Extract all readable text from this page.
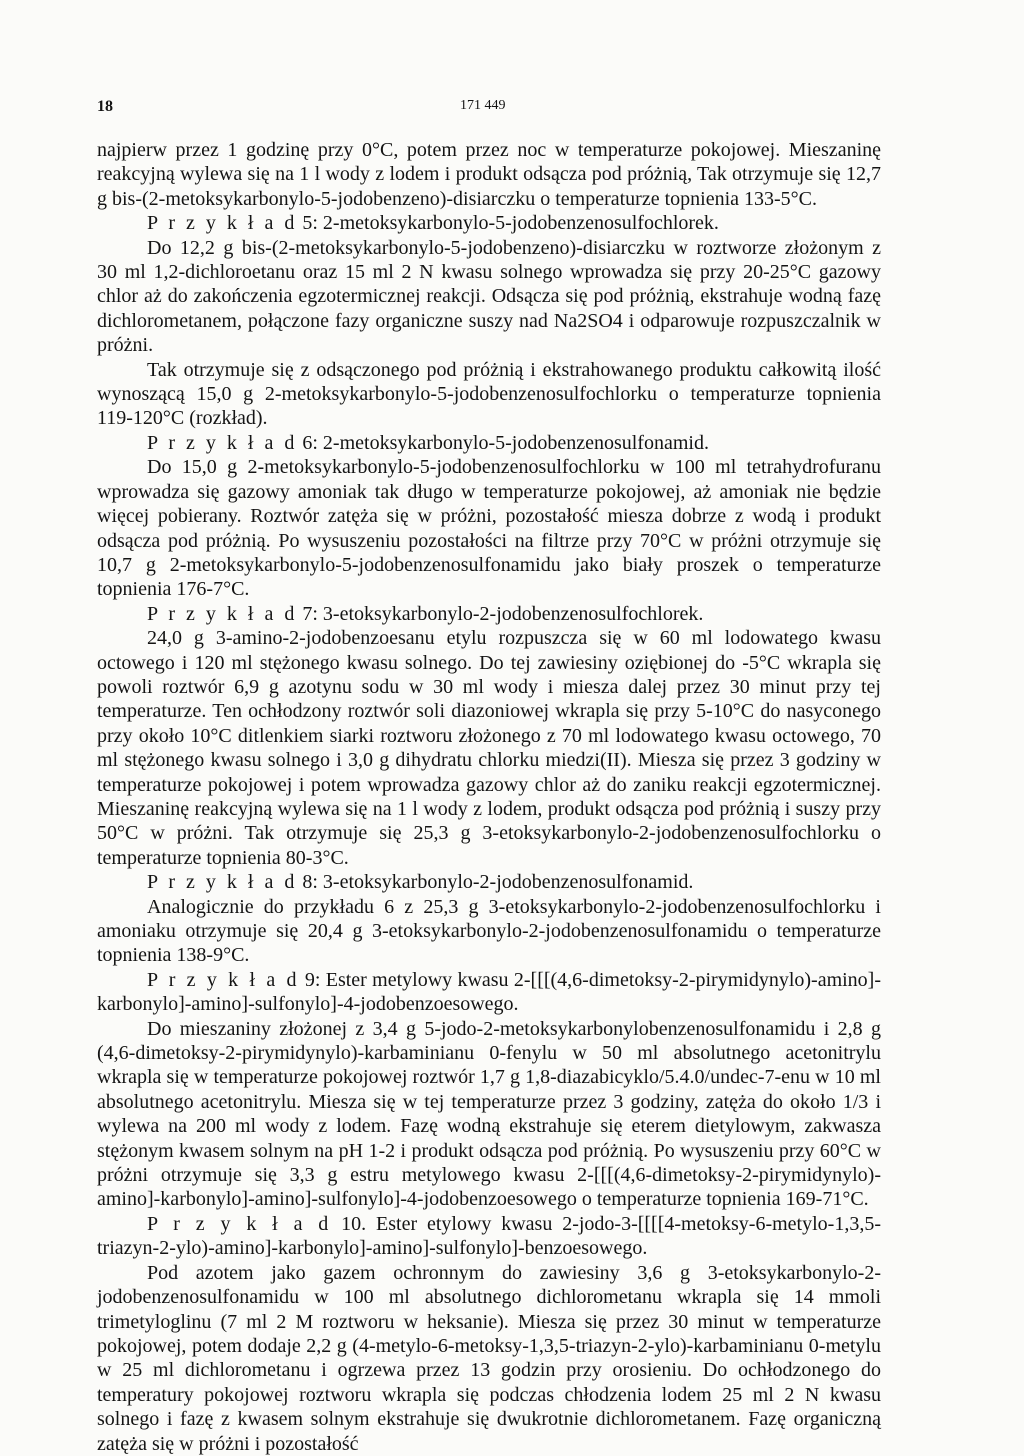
18	171 449

najpierw przez 1 godzinę przy 0°C, potem przez noc w temperaturze pokojowej. Mieszaninę reakcyjną wylewa się na 1 l wody z lodem i produkt odsącza pod próżnią, Tak otrzymuje się 12,7 g bis-(2-metoksykarbonylo-5-jodobenzeno)-disiarczku o temperaturze topnienia 133-5°C.

P r z y k ł a d 5: 2-metoksykarbonylo-5-jodobenzenosulfochlorek.

Do 12,2 g bis-(2-metoksykarbonylo-5-jodobenzeno)-disiarczku w roztworze złożonym z 30 ml 1,2-dichloroetanu oraz 15 ml 2 N kwasu solnego wprowadza się przy 20-25°C gazowy chlor aż do zakończenia egzotermicznej reakcji. Odsącza się pod próżnią, ekstrahuje wodną fazę dichlorometanem, połączone fazy organiczne suszy nad Na2SO4 i odparowuje rozpuszczalnik w próżni.

Tak otrzymuje się z odsączonego pod próżnią i ekstrahowanego produktu całkowitą ilość wynoszącą 15,0 g 2-metoksykarbonylo-5-jodobenzenosulfochlorku o temperaturze topnienia 119-120°C (rozkład).

P r z y k ł a d 6: 2-metoksykarbonylo-5-jodobenzenosulfonamid.

Do 15,0 g 2-metoksykarbonylo-5-jodobenzenosulfochlorku w 100 ml tetrahydrofuranu wprowadza się gazowy amoniak tak długo w temperaturze pokojowej, aż amoniak nie będzie więcej pobierany. Roztwór zatęża się w próżni, pozostałość miesza dobrze z wodą i produkt odsącza pod próżnią. Po wysuszeniu pozostałości na filtrze przy 70°C w próżni otrzymuje się 10,7 g 2-metoksykarbonylo-5-jodobenzenosulfonamidu jako biały proszek o temperaturze topnienia 176-7°C.

P r z y k ł a d 7: 3-etoksykarbonylo-2-jodobenzenosulfochlorek.

24,0 g 3-amino-2-jodobenzoesanu etylu rozpuszcza się w 60 ml lodowatego kwasu octowego i 120 ml stężonego kwasu solnego. Do tej zawiesiny oziębionej do -5°C wkrapla się powoli roztwór 6,9 g azotynu sodu w 30 ml wody i miesza dalej przez 30 minut przy tej temperaturze. Ten ochłodzony roztwór soli diazoniowej wkrapla się przy 5-10°C do nasyconego przy około 10°C ditlenkiem siarki roztworu złożonego z 70 ml lodowatego kwasu octowego, 70 ml stężonego kwasu solnego i 3,0 g dihydratu chlorku miedzi(II). Miesza się przez 3 godziny w temperaturze pokojowej i potem wprowadza gazowy chlor aż do zaniku reakcji egzotermicznej. Mieszaninę reakcyjną wylewa się na 1 l wody z lodem, produkt odsącza pod próżnią i suszy przy 50°C w próżni. Tak otrzymuje się 25,3 g 3-etoksykarbonylo-2-jodobenzenosulfochlorku o temperaturze topnienia 80-3°C.

P r z y k ł a d 8: 3-etoksykarbonylo-2-jodobenzenosulfonamid.

Analogicznie do przykładu 6 z 25,3 g 3-etoksykarbonylo-2-jodobenzenosulfochlorku i amoniaku otrzymuje się 20,4 g 3-etoksykarbonylo-2-jodobenzenosulfonamidu o temperaturze topnienia 138-9°C.

P r z y k ł a d 9: Ester metylowy kwasu 2-[[[(4,6-dimetoksy-2-pirymidynylo)-amino]-karbonylo]-amino]-sulfonylo]-4-jodobenzoesowego.

Do mieszaniny złożonej z 3,4 g 5-jodo-2-metoksykarbonylobenzenosulfonamidu i 2,8 g (4,6-dimetoksy-2-pirymidynylo)-karbaminianu 0-fenylu w 50 ml absolutnego acetonitrylu wkrapla się w temperaturze pokojowej roztwór 1,7 g 1,8-diazabicyklo/5.4.0/undec-7-enu w 10 ml absolutnego acetonitrylu. Miesza się w tej temperaturze przez 3 godziny, zatęża do około 1/3 i wylewa na 200 ml wody z lodem. Fazę wodną ekstrahuje się eterem dietylowym, zakwasza stężonym kwasem solnym na pH 1-2 i produkt odsącza pod próżnią. Po wysuszeniu przy 60°C w próżni otrzymuje się 3,3 g estru metylowego kwasu 2-[[[(4,6-dimetoksy-2-pirymidynylo)-amino]-karbonylo]-amino]-sulfonylo]-4-jodobenzoesowego o temperaturze topnienia 169-71°C.

P r z y k ł a d 10. Ester etylowy kwasu 2-jodo-3-[[[[4-metoksy-6-metylo-1,3,5-triazyn-2-ylo)-amino]-karbonylo]-amino]-sulfonylo]-benzoesowego.

Pod azotem jako gazem ochronnym do zawiesiny 3,6 g 3-etoksykarbonylo-2-jodobenzenosulfonamidu w 100 ml absolutnego dichlorometanu wkrapla się 14 mmoli trimetyloglinu (7 ml 2 M roztworu w heksanie). Miesza się przez 30 minut w temperaturze pokojowej, potem dodaje 2,2 g (4-metylo-6-metoksy-1,3,5-triazyn-2-ylo)-karbaminianu 0-metylu w 25 ml dichlorometanu i ogrzewa przez 13 godzin przy orosieniu. Do ochłodzonego do temperatury pokojowej roztworu wkrapla się podczas chłodzenia lodem 25 ml 2 N kwasu solnego i fazę z kwasem solnym ekstrahuje się dwukrotnie dichlorometanem. Fazę organiczną zatęża się w próżni i pozostałość
